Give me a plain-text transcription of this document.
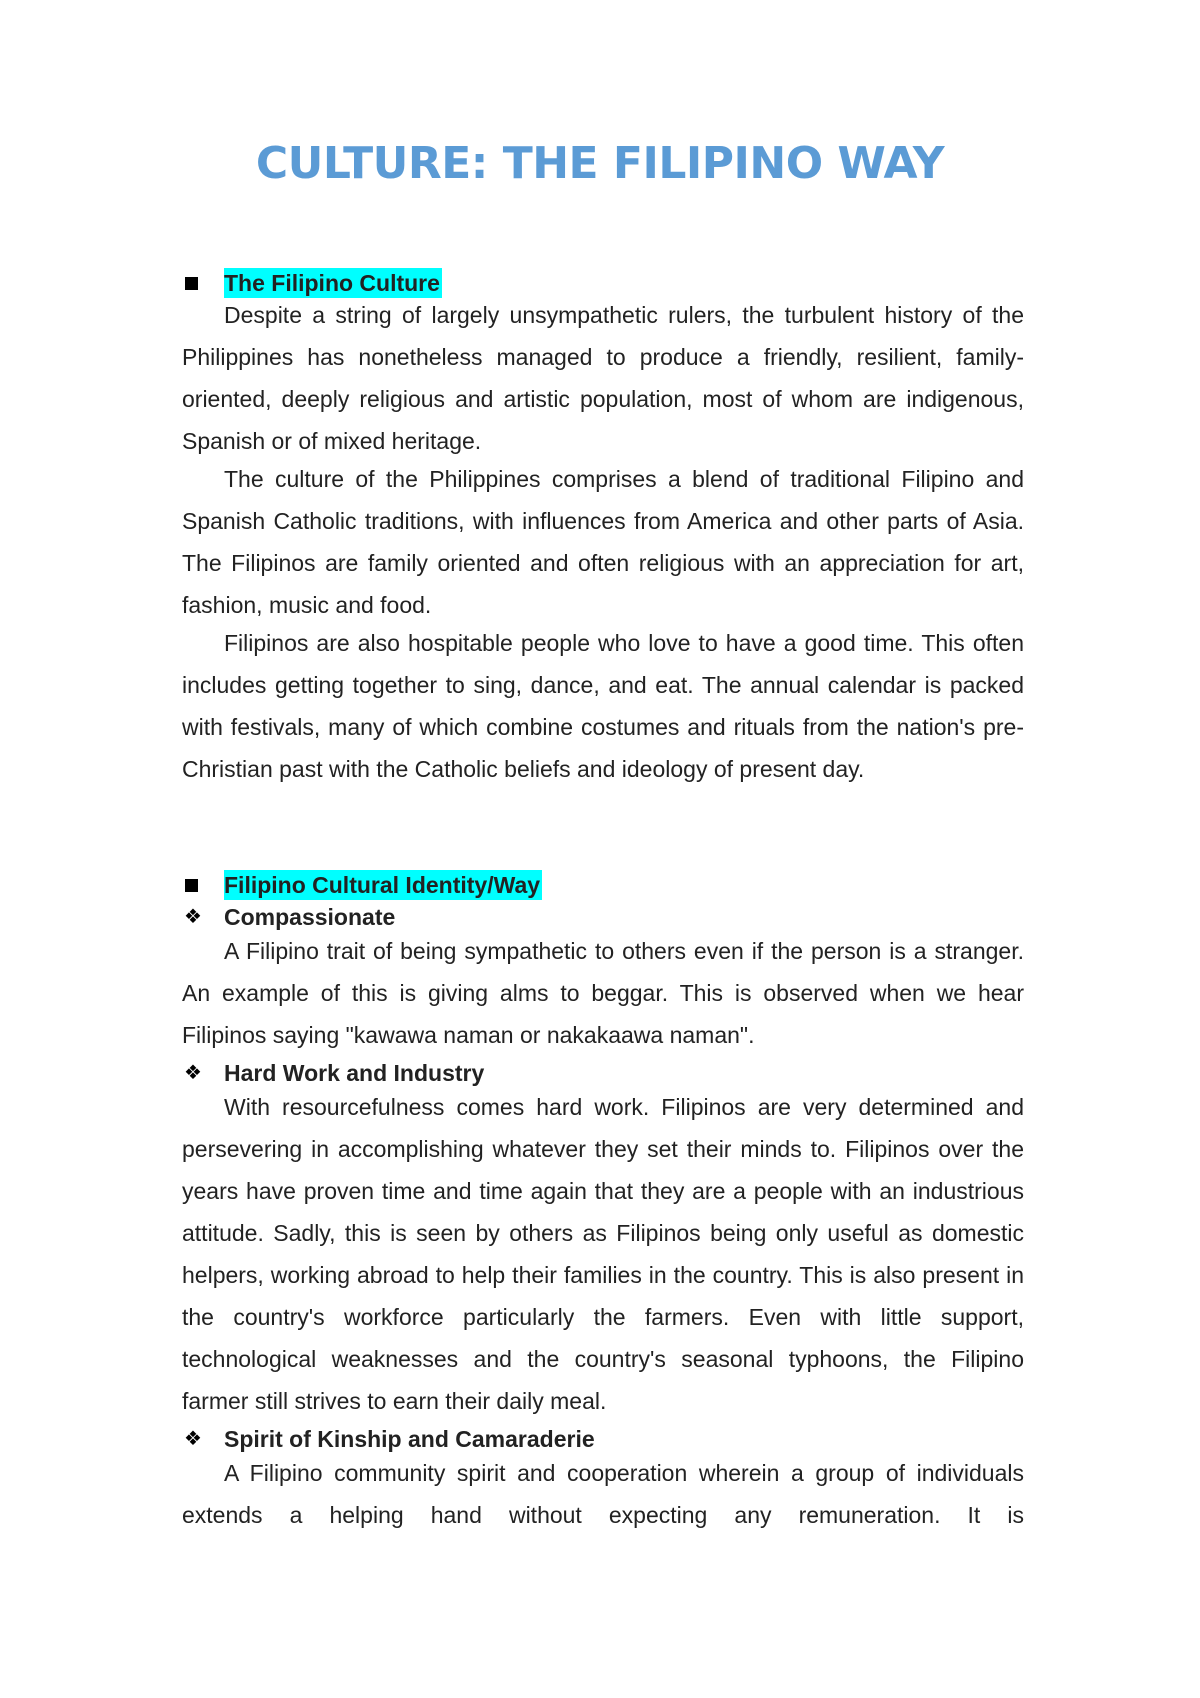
CULTURE: THE FILIPINO WAY
The Filipino Culture

Despite a string of largely unsympathetic rulers, the turbulent history of the Philippines has nonetheless managed to produce a friendly, resilient, family-oriented, deeply religious and artistic population, most of whom are indigenous, Spanish or of mixed heritage.

The culture of the Philippines comprises a blend of traditional Filipino and Spanish Catholic traditions, with influences from America and other parts of Asia. The Filipinos are family oriented and often religious with an appreciation for art, fashion, music and food.

Filipinos are also hospitable people who love to have a good time. This often includes getting together to sing, dance, and eat. The annual calendar is packed with festivals, many of which combine costumes and rituals from the nation's pre-Christian past with the Catholic beliefs and ideology of present day.

Filipino Cultural Identity/Way
❖ Compassionate

A Filipino trait of being sympathetic to others even if the person is a stranger. An example of this is giving alms to beggar. This is observed when we hear Filipinos saying "kawawa naman or nakakaawa naman".

❖ Hard Work and Industry

With resourcefulness comes hard work. Filipinos are very determined and persevering in accomplishing whatever they set their minds to. Filipinos over the years have proven time and time again that they are a people with an industrious attitude. Sadly, this is seen by others as Filipinos being only useful as domestic helpers, working abroad to help their families in the country. This is also present in the country's workforce particularly the farmers. Even with little support, technological weaknesses and the country's seasonal typhoons, the Filipino farmer still strives to earn their daily meal.

❖ Spirit of Kinship and Camaraderie

A Filipino community spirit and cooperation wherein a group of individuals extends a helping hand without expecting any remuneration. It is
